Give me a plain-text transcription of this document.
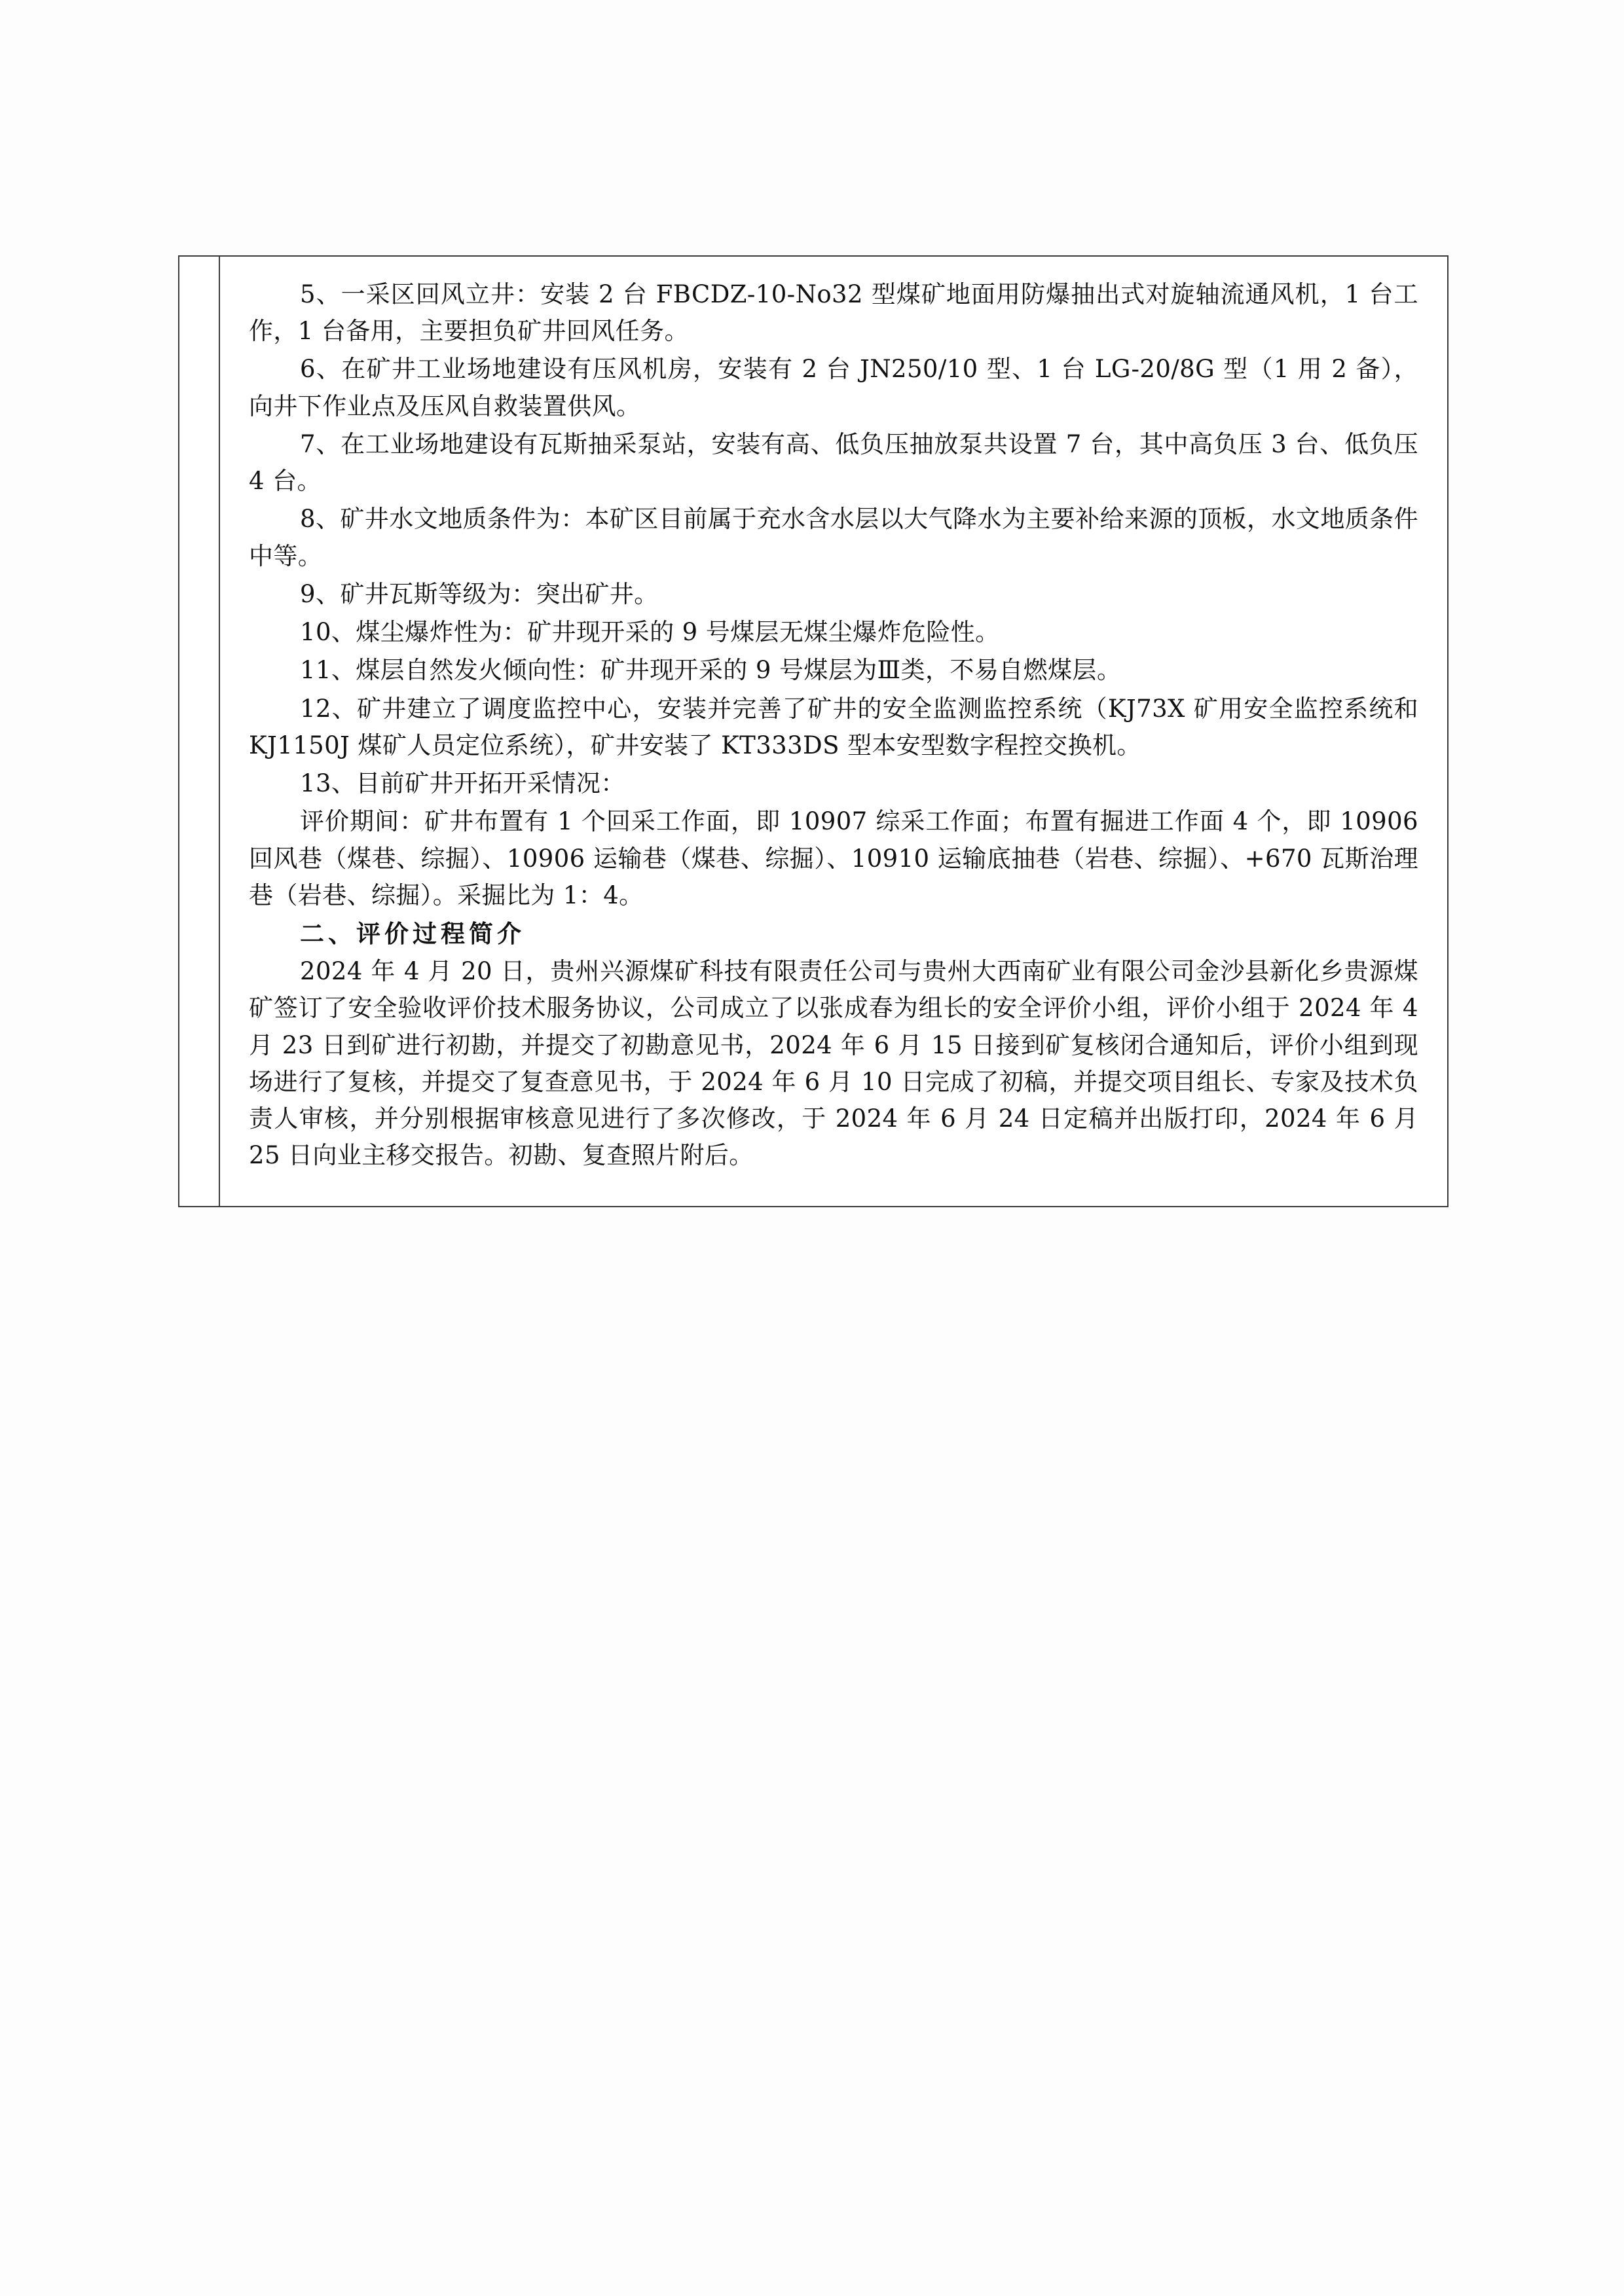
5、一采区回风立井：安装 2 台 FBCDZ-10-No32 型煤矿地面用防爆抽出式对旋轴流通风机，1 台工作，1 台备用，主要担负矿井回风任务。

6、在矿井工业场地建设有压风机房，安装有 2 台 JN250/10 型、1 台 LG-20/8G 型（1 用 2 备），向井下作业点及压风自救装置供风。

7、在工业场地建设有瓦斯抽采泵站，安装有高、低负压抽放泵共设置 7 台，其中高负压 3 台、低负压 4 台。

8、矿井水文地质条件为：本矿区目前属于充水含水层以大气降水为主要补给来源的顶板，水文地质条件中等。

9、矿井瓦斯等级为：突出矿井。

10、煤尘爆炸性为：矿井现开采的 9 号煤层无煤尘爆炸危险性。

11、煤层自然发火倾向性：矿井现开采的 9 号煤层为Ⅲ类，不易自燃煤层。

12、矿井建立了调度监控中心，安装并完善了矿井的安全监测监控系统（KJ73X 矿用安全监控系统和 KJ1150J 煤矿人员定位系统），矿井安装了 KT333DS 型本安型数字程控交换机。

13、目前矿井开拓开采情况：

评价期间：矿井布置有 1 个回采工作面，即 10907 综采工作面；布置有掘进工作面 4 个，即 10906 回风巷（煤巷、综掘）、10906 运输巷（煤巷、综掘）、10910 运输底抽巷（岩巷、综掘）、+670 瓦斯治理巷（岩巷、综掘）。采掘比为 1：4。

二、评价过程简介

2024 年 4 月 20 日，贵州兴源煤矿科技有限责任公司与贵州大西南矿业有限公司金沙县新化乡贵源煤矿签订了安全验收评价技术服务协议，公司成立了以张成春为组长的安全评价小组，评价小组于 2024 年 4 月 23 日到矿进行初勘，并提交了初勘意见书，2024 年 6 月 15 日接到矿复核闭合通知后，评价小组到现场进行了复核，并提交了复查意见书，于 2024 年 6 月 10 日完成了初稿，并提交项目组长、专家及技术负责人审核，并分别根据审核意见进行了多次修改，于 2024 年 6 月 24 日定稿并出版打印，2024 年 6 月 25 日向业主移交报告。初勘、复查照片附后。
